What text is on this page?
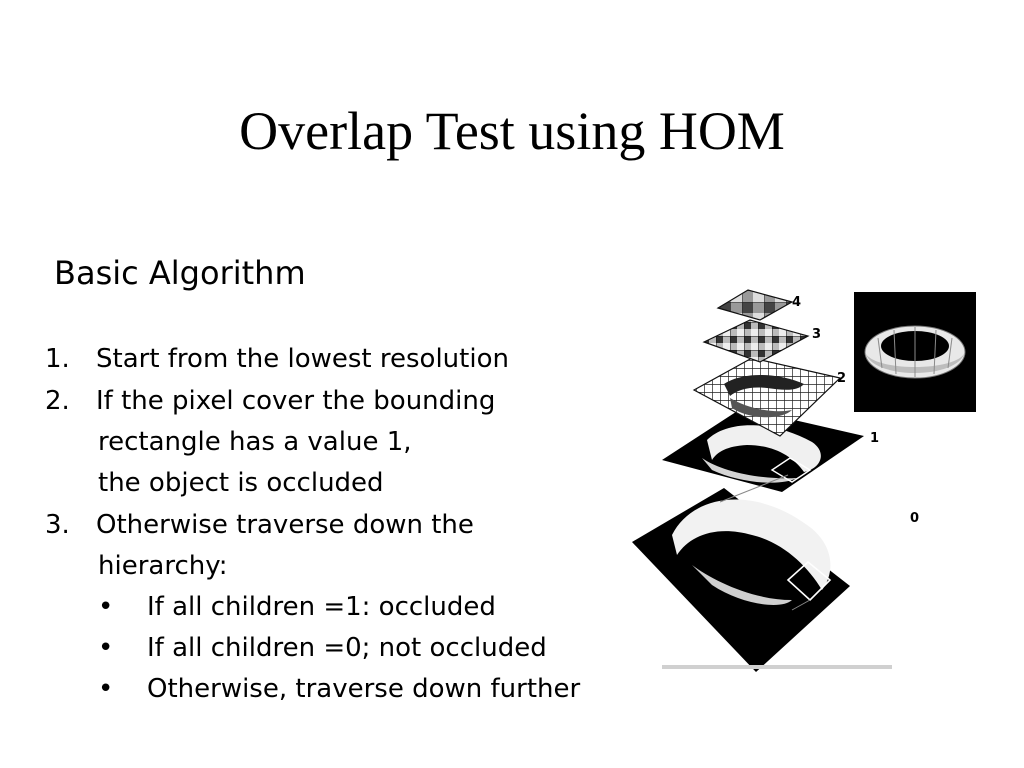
Overlap Test using HOM
Basic Algorithm
1. Start from the lowest resolution
2. If the pixel cover the bounding
rectangle has a value 1,
the object is occluded
3. Otherwise traverse down the
hierarchy:
• If all children =1: occluded
• If all children =0; not occluded
• Otherwise, traverse down further
4
3
2
1
0
